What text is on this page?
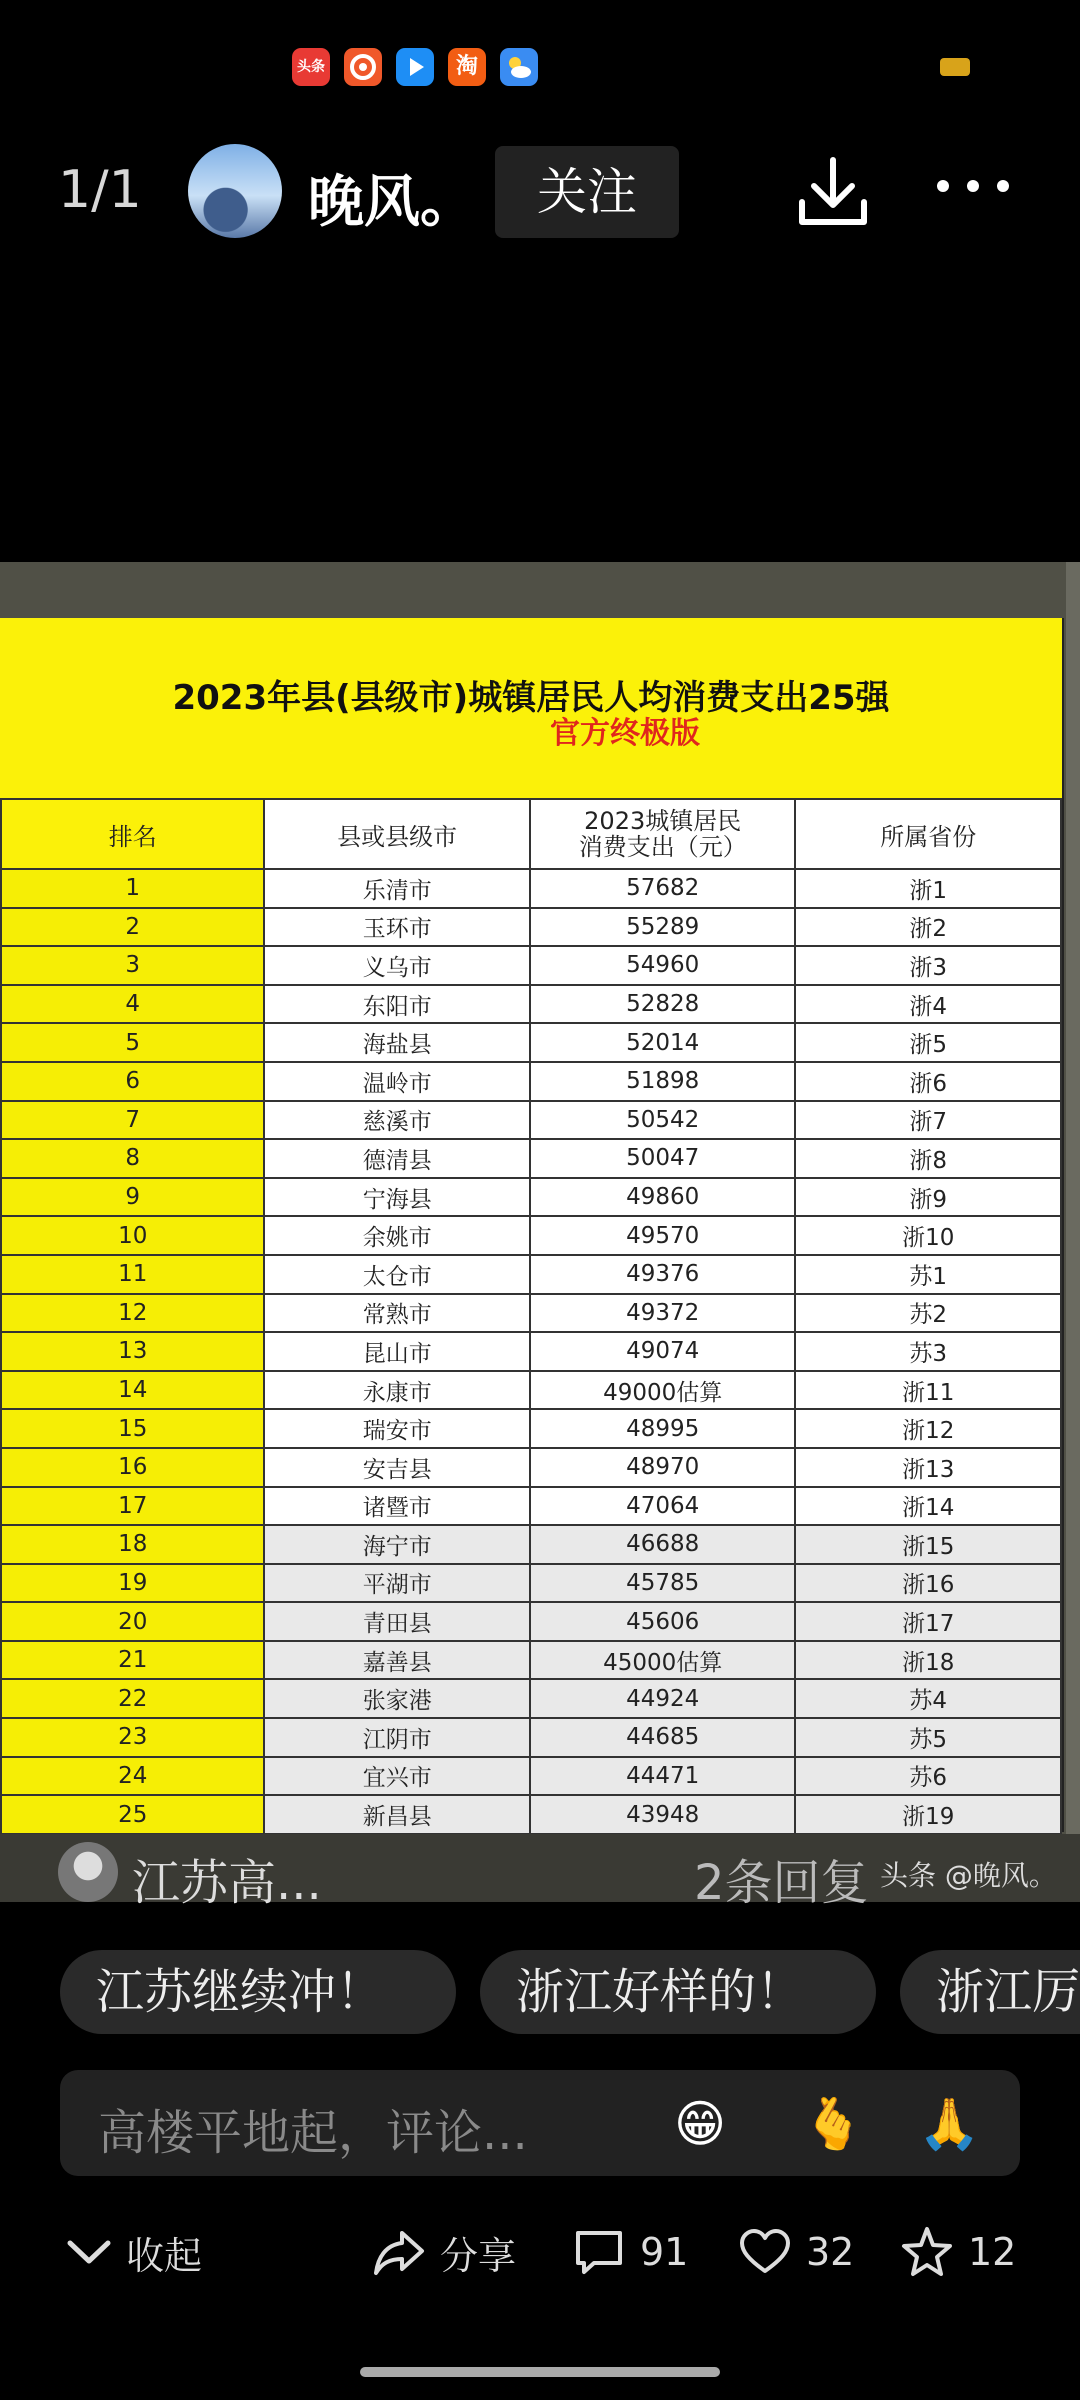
头条	淘
1/1	晚风。	关注
2023年县(县级市)城镇居民人均消费支出25强
官方终极版
排名	县或县级市	2023城镇居民
消费支出（元）	所属省份
1	乐清市	57682	浙1
2	玉环市	55289	浙2
3	义乌市	54960	浙3
4	东阳市	52828	浙4
5	海盐县	52014	浙5
6	温岭市	51898	浙6
7	慈溪市	50542	浙7
8	德清县	50047	浙8
9	宁海县	49860	浙9
10	余姚市	49570	浙10
11	太仓市	49376	苏1
12	常熟市	49372	苏2
13	昆山市	49074	苏3
14	永康市	49000估算	浙11
15	瑞安市	48995	浙12
16	安吉县	48970	浙13
17	诸暨市	47064	浙14
18	海宁市	46688	浙15
19	平湖市	45785	浙16
20	青田县	45606	浙17
21	嘉善县	45000估算	浙18
22	张家港	44924	苏4
23	江阴市	44685	苏5
24	宜兴市	44471	苏6
25	新昌县	43948	浙19
江苏高...	2条回复 头条 @晚风。
江苏继续冲！	浙江好样的！	浙江厉
高楼平地起，评论...	😁 🫰 🙏
收起	分享	91	32	12
